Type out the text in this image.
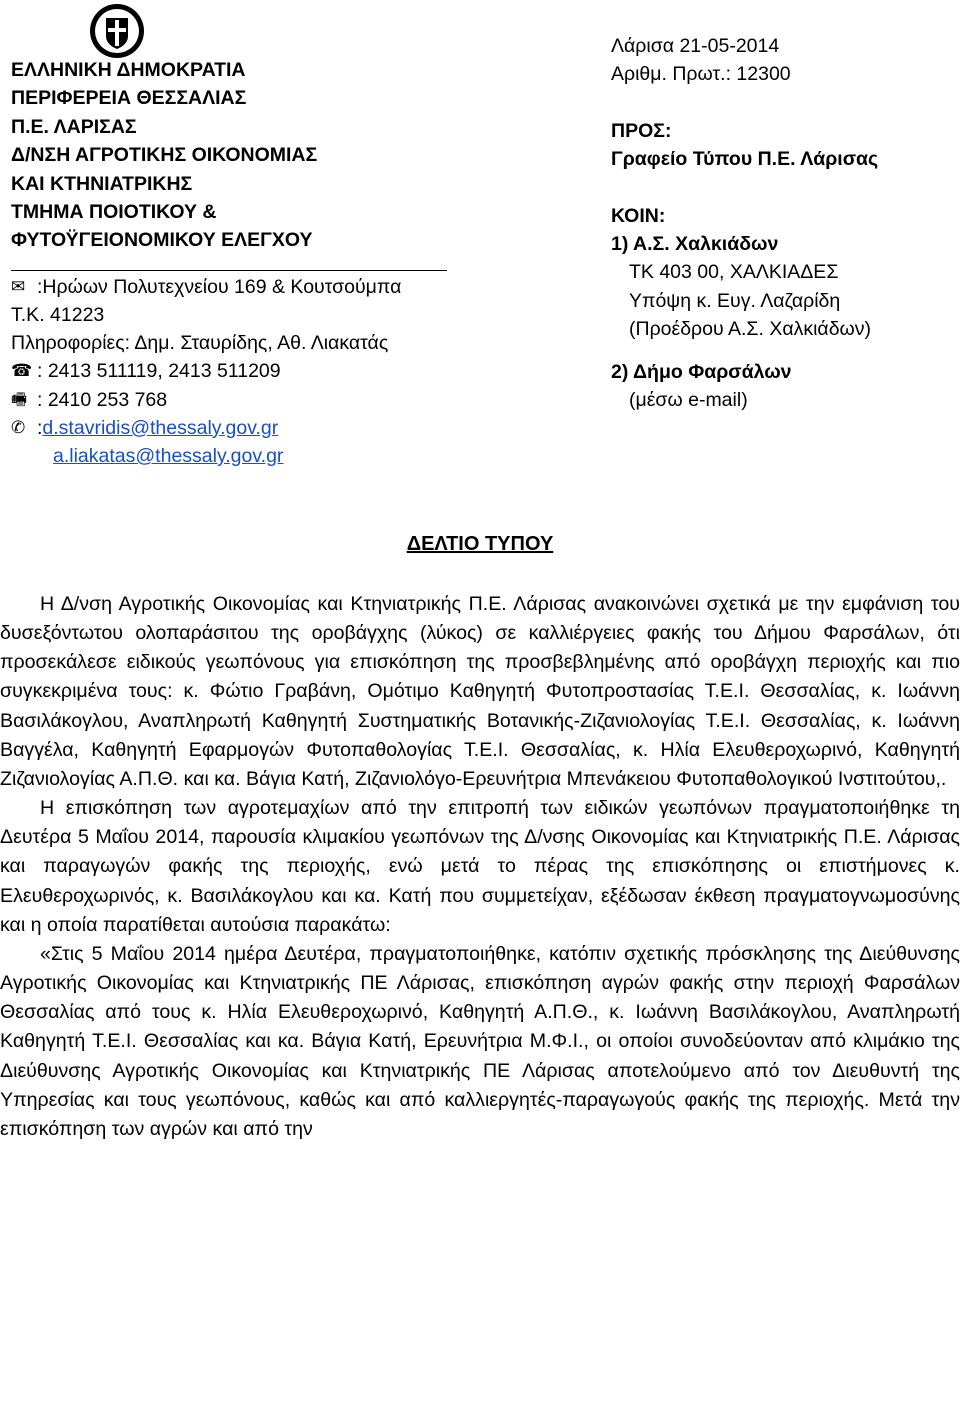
ΕΛΛΗΝΙΚΗ ΔΗΜΟΚΡΑΤΙΑ
ΠΕΡΙΦΕΡΕΙΑ ΘΕΣΣΑΛΙΑΣ
Π.Ε. ΛΑΡΙΣΑΣ
Δ/ΝΣΗ ΑΓΡΟΤΙΚΗΣ ΟΙΚΟΝΟΜΙΑΣ
ΚΑΙ ΚΤΗΝΙΑΤΡΙΚΗΣ
ΤΜΗΜΑ ΠΟΙΟΤΙΚΟΥ &
ΦΥΤΟΫΓΕΙΟΝΟΜΙΚΟΥ ΕΛΕΓΧΟΥ
✉ :Ηρώων Πολυτεχνείου 169 & Κουτσούμπα
Τ.Κ. 41223
Πληροφορίες: Δημ. Σταυρίδης, Αθ. Λιακατάς
☎ : 2413 511119, 2413 511209
🖷 : 2410 253 768
✆ : d.stavridis@thessaly.gov.gr
a.liakatas@thessaly.gov.gr
Λάρισα 21-05-2014
Αριθμ. Πρωτ.: 12300
ΠΡΟΣ:
Γραφείο Τύπου Π.Ε. Λάρισας
ΚΟΙΝ:
1) Α.Σ. Χαλκιάδων
ΤΚ 403 00, ΧΑΛΚΙΑΔΕΣ
Υπόψη κ. Ευγ. Λαζαρίδη
(Προέδρου Α.Σ. Χαλκιάδων)
2) Δήμο Φαρσάλων
(μέσω e-mail)
ΔΕΛΤΙΟ ΤΥΠΟΥ

Η Δ/νση Αγροτικής Οικονομίας και Κτηνιατρικής Π.Ε. Λάρισας ανακοινώνει σχετικά με την εμφάνιση του δυσεξόντωτου ολοπαράσιτου της οροβάγχης (λύκος) σε καλλιέργειες φακής του Δήμου Φαρσάλων, ότι προσεκάλεσε ειδικούς γεωπόνους για επισκόπηση της προσβεβλημένης από οροβάγχη περιοχής και πιο συγκεκριμένα τους: κ. Φώτιο Γραβάνη, Ομότιμο Καθηγητή Φυτοπροστασίας Τ.Ε.Ι. Θεσσαλίας, κ. Ιωάννη Βασιλάκογλου, Αναπληρωτή Καθηγητή Συστηματικής Βοτανικής-Ζιζανιολογίας Τ.Ε.Ι. Θεσσαλίας, κ. Ιωάννη Βαγγέλα, Καθηγητή Εφαρμογών Φυτοπαθολογίας Τ.Ε.Ι. Θεσσαλίας, κ. Ηλία Ελευθεροχωρινό, Καθηγητή Ζιζανιολογίας Α.Π.Θ. και κα. Βάγια Κατή, Ζιζανιολόγο-Ερευνήτρια Μπενάκειου Φυτοπαθολογικού Ινστιτούτου,.

Η επισκόπηση των αγροτεμαχίων από την επιτροπή των ειδικών γεωπόνων πραγματοποιήθηκε τη Δευτέρα 5 Μαΐου 2014, παρουσία κλιμακίου γεωπόνων της Δ/νσης Οικονομίας και Κτηνιατρικής Π.Ε. Λάρισας και παραγωγών φακής της περιοχής, ενώ μετά το πέρας της επισκόπησης οι επιστήμονες κ. Ελευθεροχωρινός, κ. Βασιλάκογλου και κα. Κατή που συμμετείχαν, εξέδωσαν έκθεση πραγματογνωμοσύνης και η οποία παρατίθεται αυτούσια παρακάτω:

«Στις 5 Μαΐου 2014 ημέρα Δευτέρα, πραγματοποιήθηκε, κατόπιν σχετικής πρόσκλησης της Διεύθυνσης Αγροτικής Οικονομίας και Κτηνιατρικής ΠΕ Λάρισας, επισκόπηση αγρών φακής στην περιοχή Φαρσάλων Θεσσαλίας από τους κ. Ηλία Ελευθεροχωρινό, Καθηγητή Α.Π.Θ., κ. Ιωάννη Βασιλάκογλου, Αναπληρωτή Καθηγητή Τ.Ε.Ι. Θεσσαλίας και κα. Βάγια Κατή, Ερευνήτρια Μ.Φ.Ι., οι οποίοι συνοδεύονταν από κλιμάκιο της Διεύθυνσης Αγροτικής Οικονομίας και Κτηνιατρικής ΠΕ Λάρισας αποτελούμενο από τον Διευθυντή της Υπηρεσίας και τους γεωπόνους, καθώς και από καλλιεργητές-παραγωγούς φακής της περιοχής. Μετά την επισκόπηση των αγρών και από την
